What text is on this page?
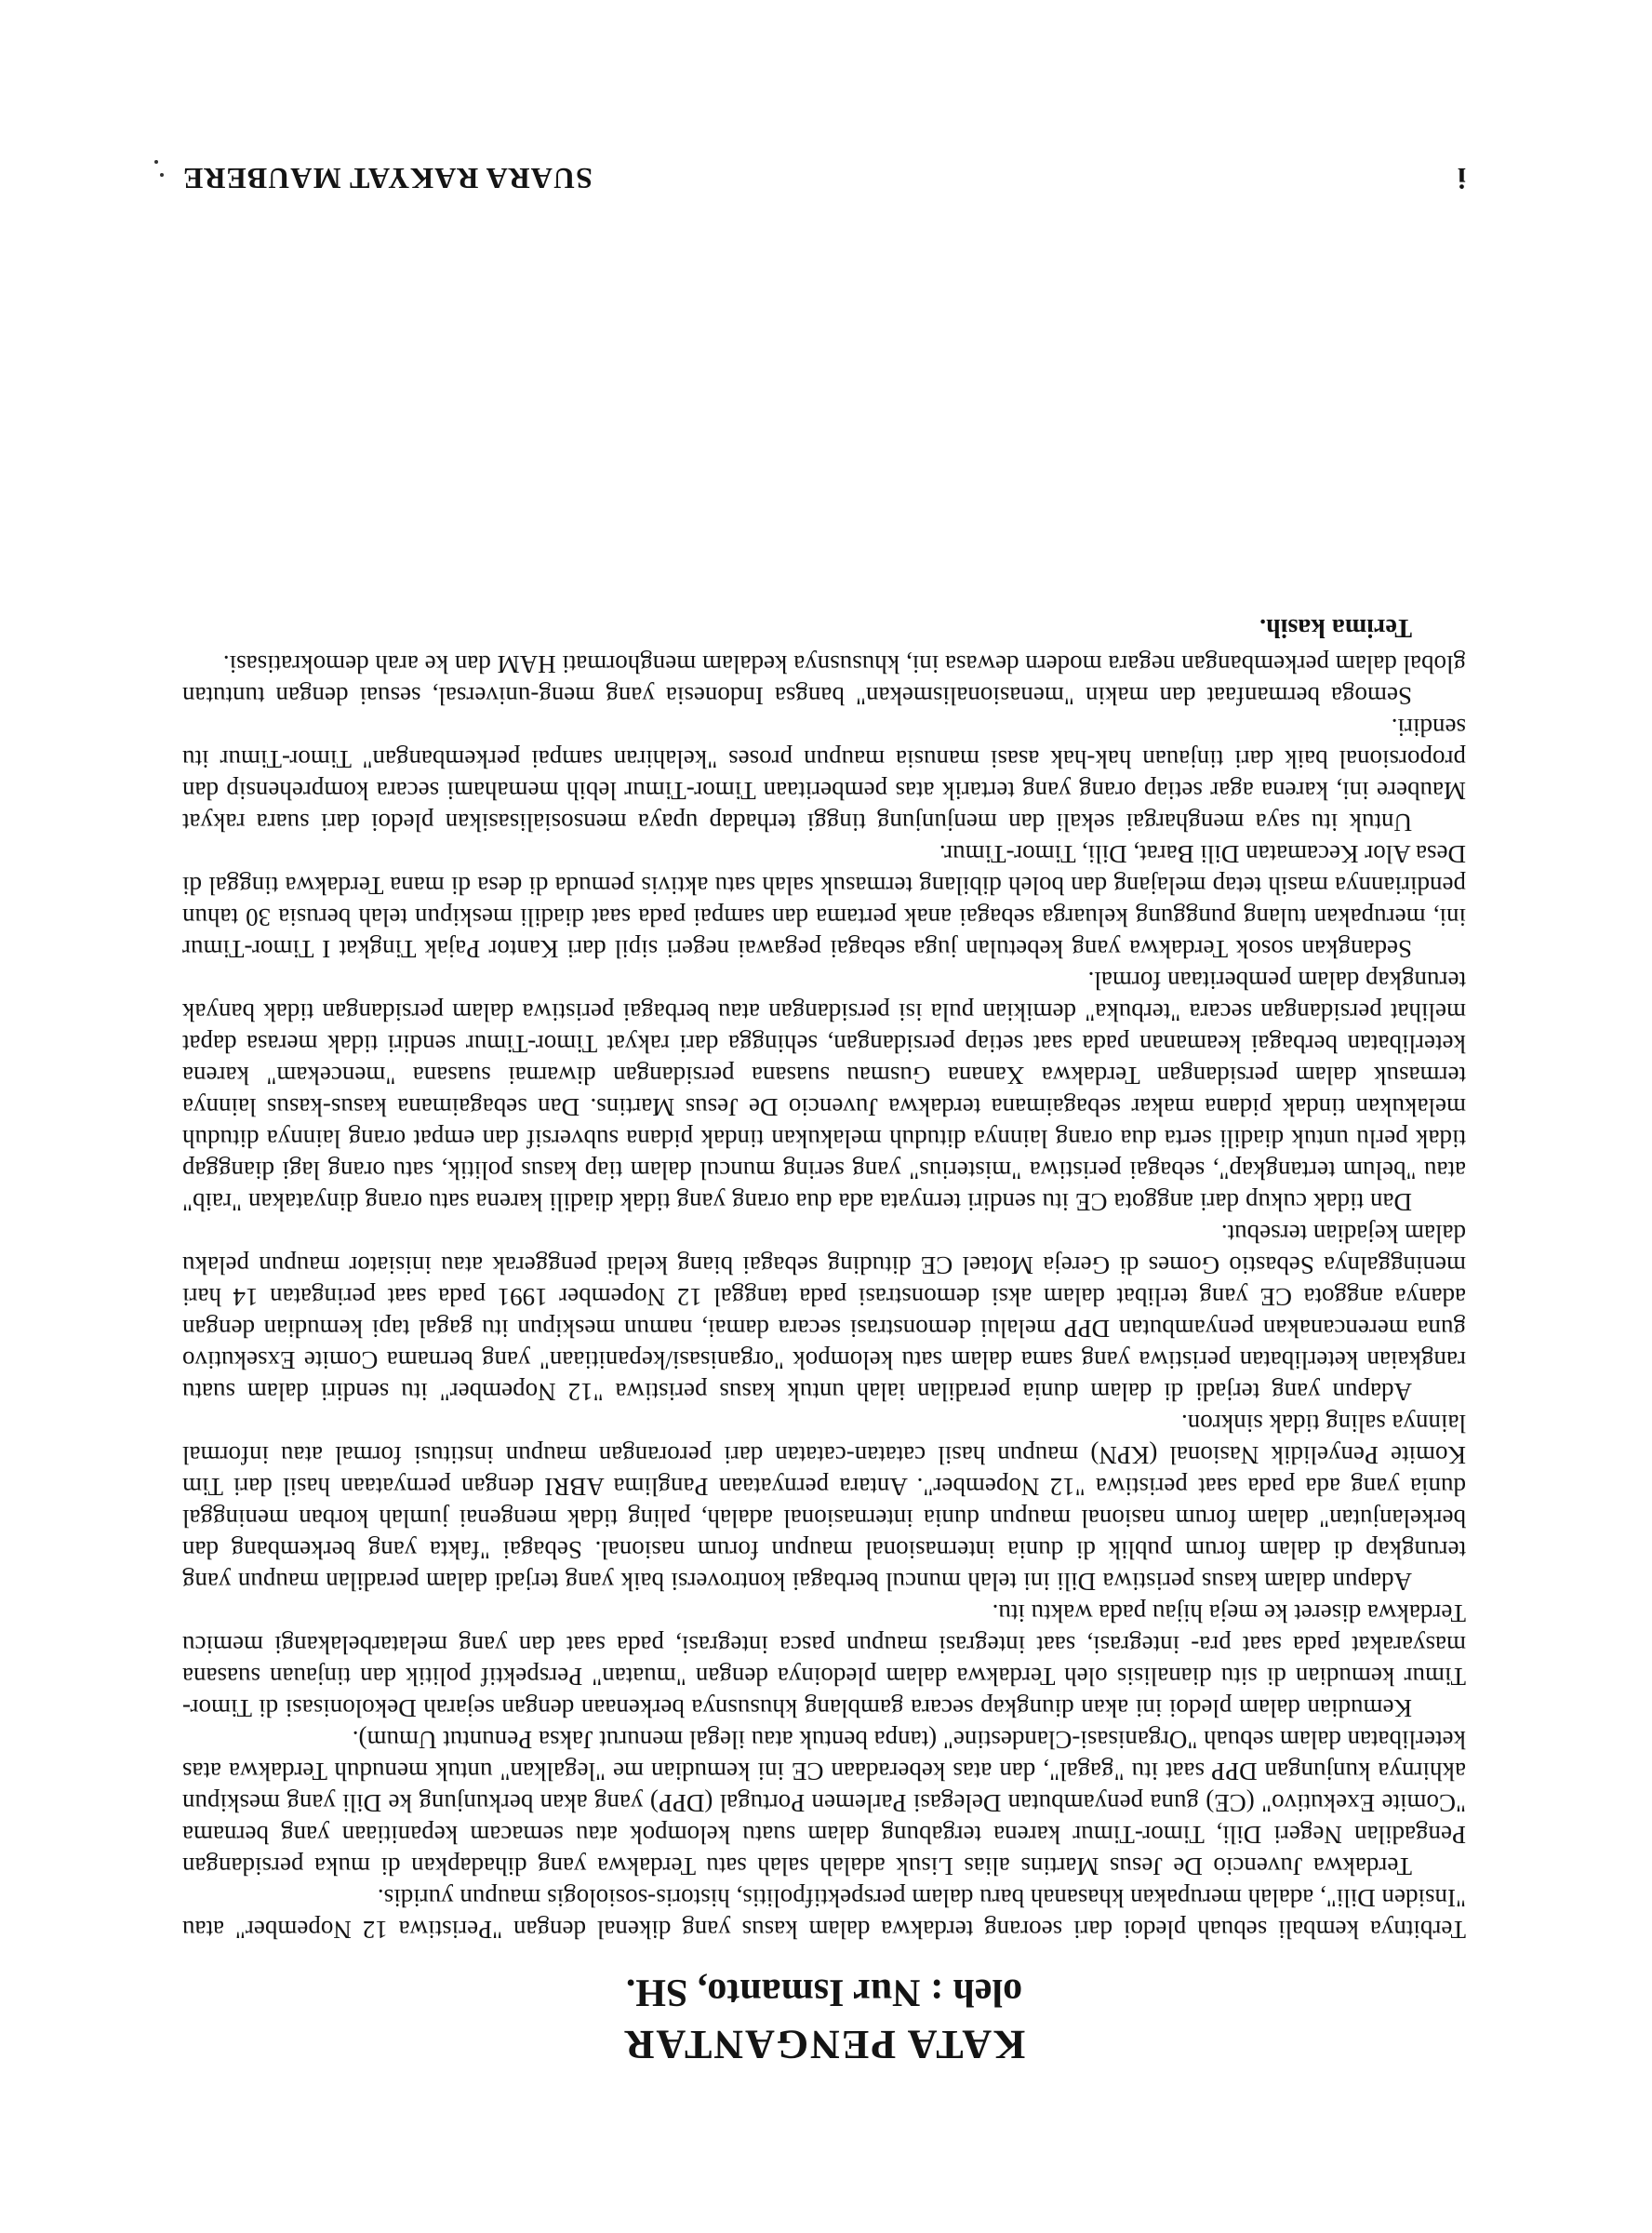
KATA PENGANTAR
oleh : Nur Ismanto, SH.

Terbitnya kembali sebuah pledoi dari seorang terdakwa dalam kasus yang dikenal dengan "Peristiwa 12 Nopember" atau "Insiden Dili", adalah merupakan khasanah baru dalam perspektifpolitis, historis-sosiologis maupun yuridis.

Terdakwa Juvencio De Jesus Martins alias Lisuk adalah salah satu Terdakwa yang dihadapkan di muka persidangan Pengadilan Negeri Dili, Timor-Timur karena tergabung dalam suatu kelompok atau semacam kepanitiaan yang bernama "Comite Exekutivo" (CE) guna penyambutan Delegasi Parlemen Portugal (DPP) yang akan berkunjung ke Dili yang meskipun akhirnya kunjungan DPP saat itu "gagal", dan atas keberadaan CE ini kemudian me "legalkan" untuk menuduh Terdakwa atas keterlibatan dalam sebuah "Organisasi-Clandestine" (tanpa bentuk atau ilegal menurut Jaksa Penuntut Umum).

Kemudian dalam pledoi ini akan diungkap secara gamblang khususnya berkenaan dengan sejarah Dekolonisasi di Timor-Timur kemudian di situ dianalisis oleh Terdakwa dalam pledoinya dengan "muatan" Perspektif politik dan tinjauan suasana masyarakat pada saat pra- integrasi, saat integrasi maupun pasca integrasi, pada saat dan yang melatarbelakangi memicu Terdakwa diseret ke meja hijau pada waktu itu.

Adapun dalam kasus peristiwa Dili ini telah muncul berbagai kontroversi baik yang terjadi dalam peradilan maupun yang terungkap di dalam forum publik di dunia internasional maupun forum nasional. Sebagai "fakta yang berkembang dan berkelanjutan" dalam forum nasional maupun dunia internasional adalah, paling tidak mengenai jumlah korban meninggal dunia yang ada pada saat peristiwa "12 Nopember". Antara pernyataan Panglima ABRI dengan pernyataan hasil dari Tim Komite Penyelidik Nasional (KPN) maupun hasil catatan-catatan dari perorangan maupun institusi formal atau informal lainnya saling tidak sinkron.

Adapun yang terjadi di dalam dunia peradilan ialah untuk kasus peristiwa "12 Nopember" itu sendiri dalam suatu rangkaian keterlibatan peristiwa yang sama dalam satu kelompok "organisasi/kepanitiaan" yang bernama Comite Exsekutivo guna merencanakan penyambutan DPP melalui demonstrasi secara damai, namun meskipun itu gagal tapi kemudian dengan adanya anggota CE yang terlibat dalam aksi demonstrasi pada tanggal 12 Nopember 1991 pada saat peringatan 14 hari meninggalnya Sebastio Gomes di Gereja Motael CE dituding sebagai biang keladi penggerak atau inisiator maupun pelaku dalam kejadian tersebut.

Dan tidak cukup dari anggota CE itu sendiri ternyata ada dua orang yang tidak diadili karena satu orang dinyatakan "raib" atau "belum tertangkap", sebagai peristiwa "misterius" yang sering muncul dalam tiap kasus politik, satu orang lagi dianggap tidak perlu untuk diadili serta dua orang lainnya dituduh melakukan tindak pidana subversif dan empat orang lainnya dituduh melakukan tindak pidana makar sebagaimana terdakwa Juvencio De Jesus Martins. Dan sebagaimana kasus-kasus lainnya termasuk dalam persidangan Terdakwa Xanana Gusmau suasana persidangan diwarnai suasana "mencekam" karena keterlibatan berbagai keamanan pada saat setiap persidangan, sehingga dari rakyat Timor-Timur sendiri tidak merasa dapat melihat persidangan secara "terbuka" demikian pula isi persidangan atau berbagai peristiwa dalam persidangan tidak banyak terungkap dalam pemberitaan formal.

Sedangkan sosok Terdakwa yang kebetulan juga sebagai pegawai negeri sipil dari Kantor Pajak Tingkat I Timor-Timur ini, merupakan tulang punggung keluarga sebagai anak pertama dan sampai pada saat diadili meskipun telah berusia 30 tahun pendiriannya masih tetap melajang dan boleh dibilang termasuk salah satu aktivis pemuda di desa di mana Terdakwa tinggal di Desa Alor Kecamatan Dili Barat, Dili, Timor-Timur.

Untuk itu saya menghargai sekali dan menjunjung tinggi terhadap upaya mensosialisasikan pledoi dari suara rakyat Maubere ini, karena agar setiap orang yang tertarik atas pemberitaan Timor-Timur lebih memahami secara komprehensip dan proporsional baik dari tinjauan hak-hak asasi manusia maupun proses "kelahiran sampai perkembangan" Timor-Timur itu sendiri.

Semoga bermanfaat dan makin "menasionalismekan" bangsa Indonesia yang meng-universal, sesuai dengan tuntutan global dalam perkembangan negara modern dewasa ini, khususnya kedalam menghormati HAM dan ke arah demokratisasi.

Terima kasih.
i
SUARA RAKYAT MAUBERE
